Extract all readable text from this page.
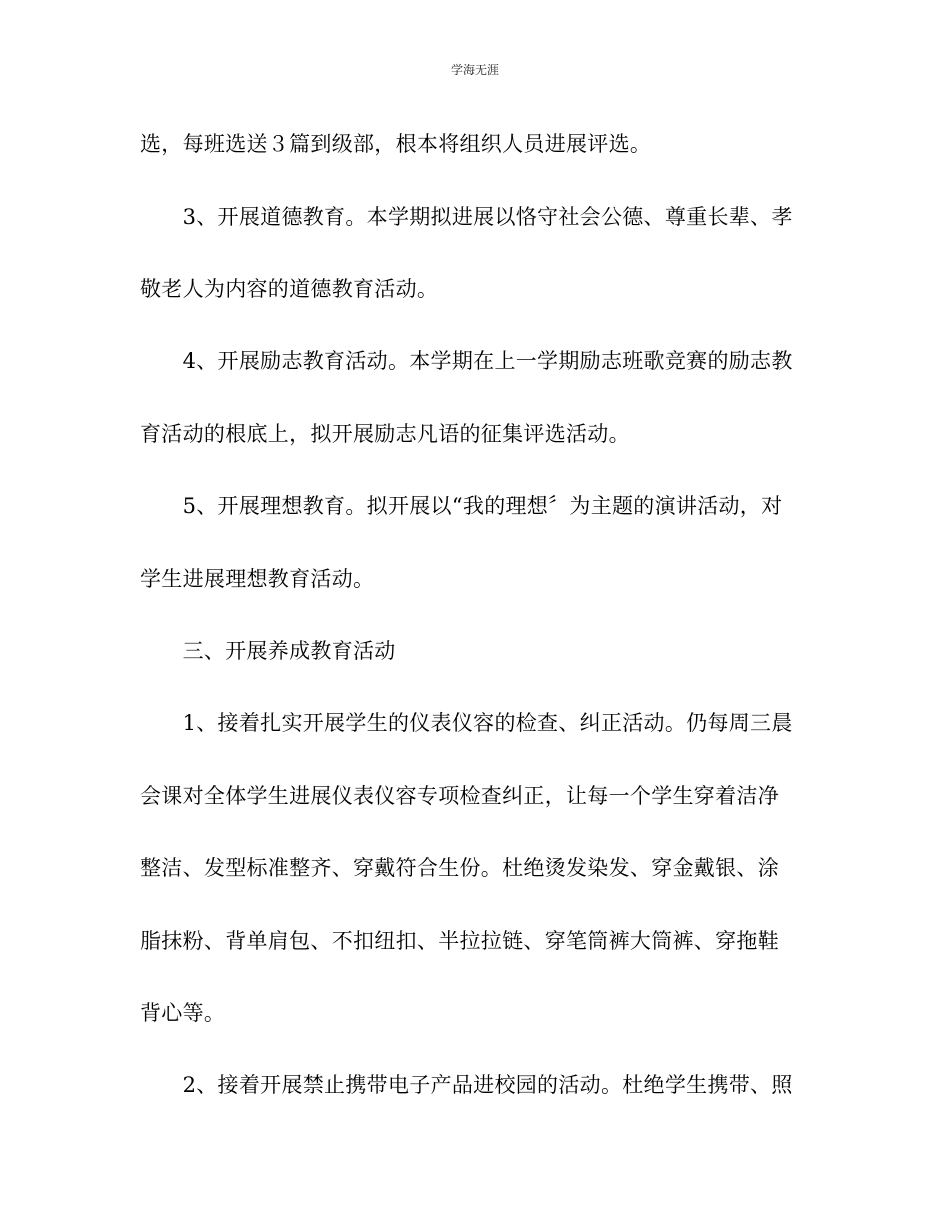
学海无涯
选，每班选送３篇到级部，根本将组织人员进展评选。
　　3、开展道德教育。本学期拟进展以恪守社会公德、尊重长辈、孝
敬老人为内容的道德教育活动。
　　4、开展励志教育活动。本学期在上一学期励志班歌竞赛的励志教
育活动的根底上，拟开展励志凡语的征集评选活动。
　　5、开展理想教育。拟开展以“我的理想〞为主题的演讲活动，对
学生进展理想教育活动。
　　三、开展养成教育活动
　　1、接着扎实开展学生的仪表仪容的检查、纠正活动。仍每周三晨
会课对全体学生进展仪表仪容专项检查纠正，让每一个学生穿着洁净
整洁、发型标准整齐、穿戴符合生份。杜绝烫发染发、穿金戴银、涂
脂抹粉、背单肩包、不扣纽扣、半拉拉链、穿笔筒裤大筒裤、穿拖鞋
背心等。
　　2、接着开展禁止携带电子产品进校园的活动。杜绝学生携带、照
